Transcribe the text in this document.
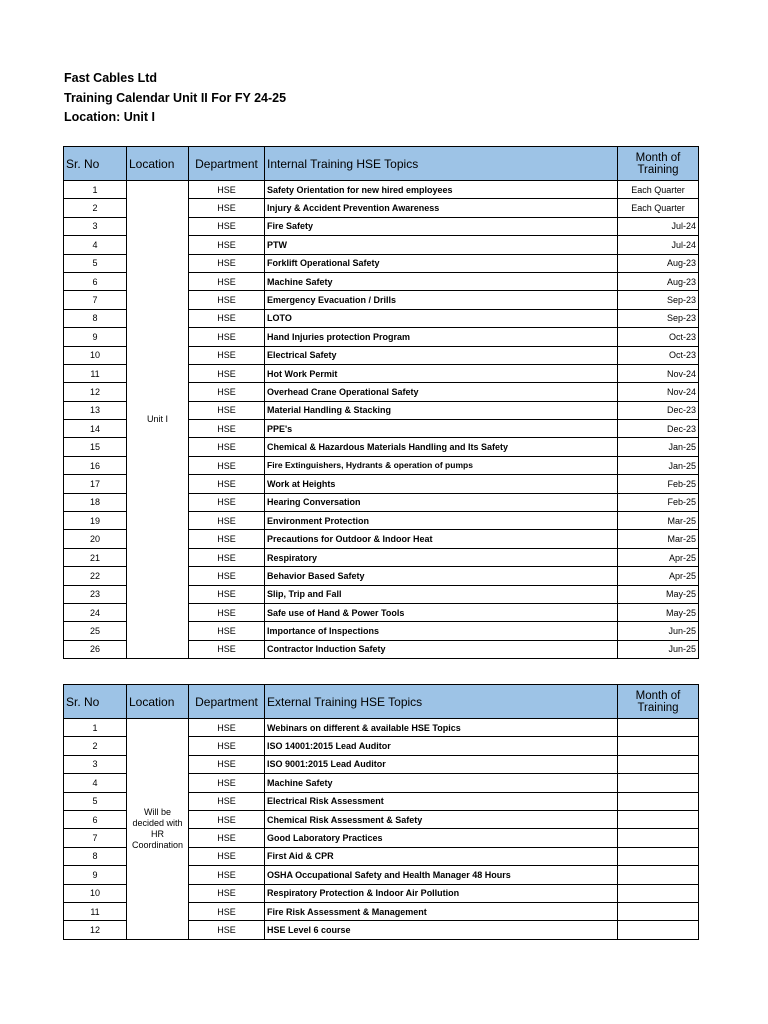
Fast Cables Ltd
Training Calendar Unit II For FY 24-25
Location: Unit I
Sr. No	Location	Department	Internal Training HSE Topics	Month of Training
1	Unit I	HSE	Safety Orientation for new hired employees	Each Quarter
2		HSE	Injury & Accident Prevention Awareness	Each Quarter
3		HSE	Fire Safety	Jul-24
4		HSE	PTW	Jul-24
5		HSE	Forklift Operational Safety	Aug-23
6		HSE	Machine Safety	Aug-23
7		HSE	Emergency Evacuation / Drills	Sep-23
8		HSE	LOTO	Sep-23
9		HSE	Hand Injuries protection Program	Oct-23
10		HSE	Electrical Safety	Oct-23
11		HSE	Hot Work Permit	Nov-24
12		HSE	Overhead Crane Operational Safety	Nov-24
13		HSE	Material Handling & Stacking	Dec-23
14		HSE	PPE's	Dec-23
15		HSE	Chemical & Hazardous Materials Handling and Its Safety	Jan-25
16		HSE	Fire Extinguishers, Hydrants & operation of pumps	Jan-25
17		HSE	Work at Heights	Feb-25
18		HSE	Hearing Conversation	Feb-25
19		HSE	Environment Protection	Mar-25
20		HSE	Precautions for Outdoor & Indoor Heat	Mar-25
21		HSE	Respiratory	Apr-25
22		HSE	Behavior Based Safety	Apr-25
23		HSE	Slip, Trip and Fall	May-25
24		HSE	Safe use of Hand & Power Tools	May-25
25		HSE	Importance of Inspections	Jun-25
26		HSE	Contractor Induction Safety	Jun-25
Sr. No	Location	Department	External Training HSE Topics	Month of Training
1	Will be decided with HR Coordination	HSE	Webinars on different & available HSE Topics	
2		HSE	ISO 14001:2015 Lead Auditor	
3		HSE	ISO 9001:2015 Lead Auditor	
4		HSE	Machine Safety	
5		HSE	Electrical Risk Assessment	
6		HSE	Chemical Risk Assessment & Safety	
7		HSE	Good Laboratory Practices	
8		HSE	First Aid & CPR	
9		HSE	OSHA Occupational Safety and Health Manager 48 Hours	
10		HSE	Respiratory Protection & Indoor Air Pollution	
11		HSE	Fire Risk Assessment & Management	
12		HSE	HSE Level 6 course	
